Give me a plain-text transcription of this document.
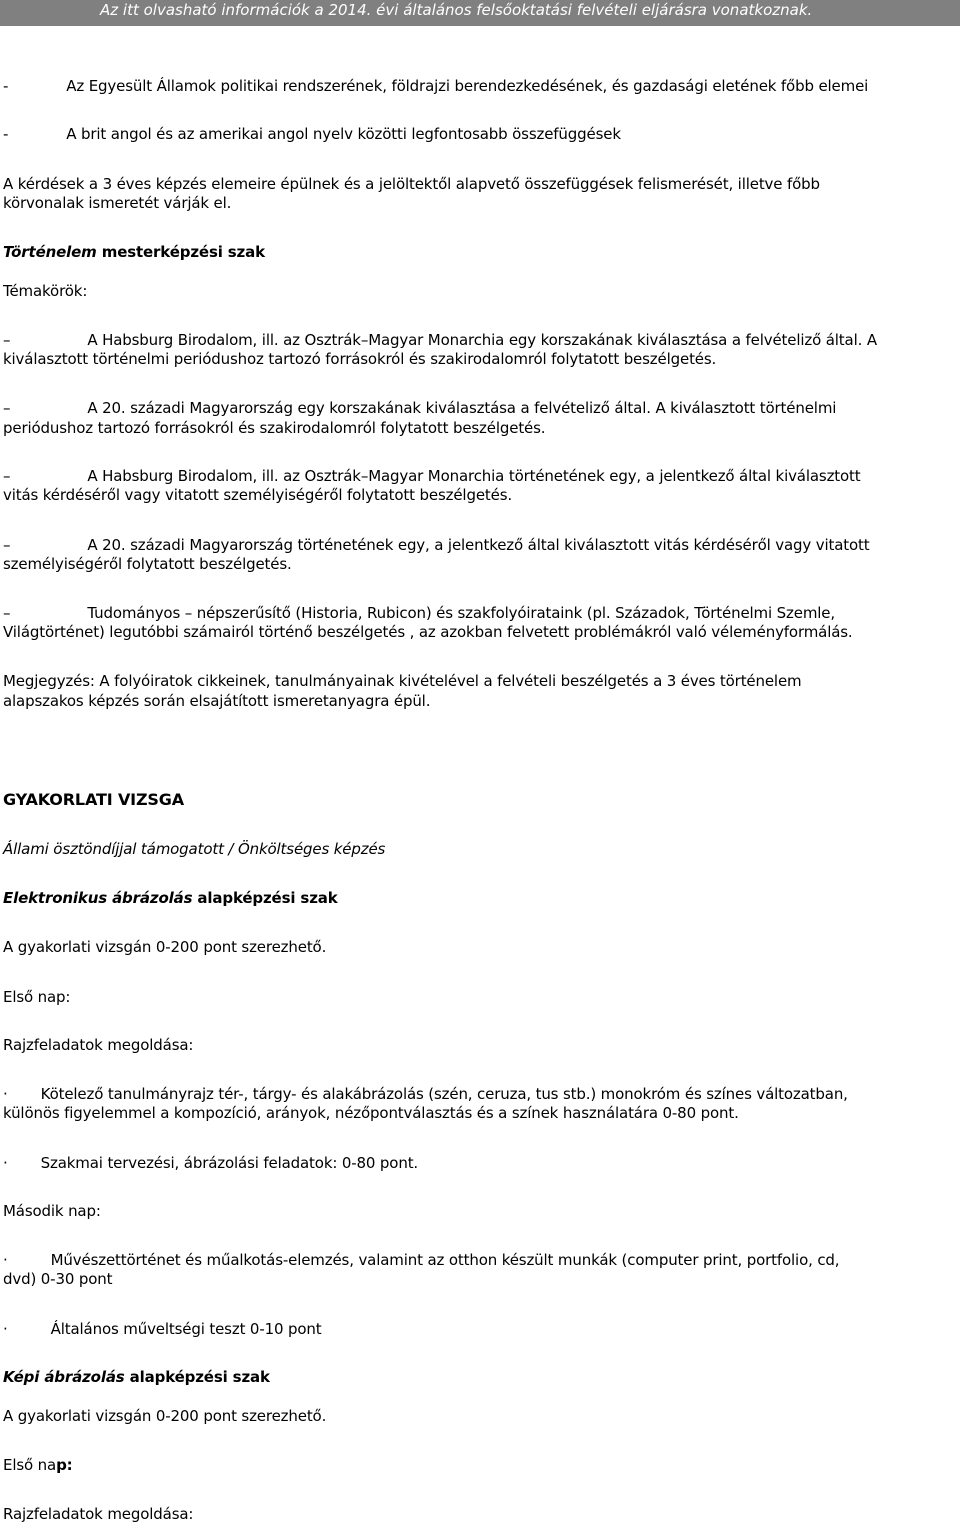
Az itt olvasható információk a 2014. évi általános felsőoktatási felvételi eljárásra vonatkoznak.
-	Az Egyesült Államok politikai rendszerének, földrajzi berendezkedésének, és gazdasági eletének főbb elemei
-	A brit angol és az amerikai angol nyelv közötti legfontosabb összefüggések
A kérdések a 3 éves képzés elemeire épülnek és a jelöltektől alapvető összefüggések felismerését, illetve főbb
körvonalak ismeretét várják el.
Történelem mesterképzési szak
Témakörök:
–	A Habsburg Birodalom, ill. az Osztrák–Magyar Monarchia egy korszakának kiválasztása a felvételiző által. A
kiválasztott történelmi periódushoz tartozó forrásokról és szakirodalomról folytatott beszélgetés.
–	A 20. századi Magyarország egy korszakának kiválasztása a felvételiző által. A kiválasztott történelmi
periódushoz tartozó forrásokról és szakirodalomról folytatott beszélgetés.
–	A Habsburg Birodalom, ill. az Osztrák–Magyar Monarchia történetének egy, a jelentkező által kiválasztott
vitás kérdéséről vagy vitatott személyiségéről folytatott beszélgetés.
–	A 20. századi Magyarország történetének egy, a jelentkező által kiválasztott vitás kérdéséről vagy vitatott
személyiségéről folytatott beszélgetés.
–	Tudományos – népszerűsítő (Historia, Rubicon) és szakfolyóirataink (pl. Századok, Történelmi Szemle,
Világtörténet) legutóbbi számairól történő beszélgetés , az azokban felvetett problémákról való véleményformálás.
Megjegyzés: A folyóiratok cikkeinek, tanulmányainak kivételével a felvételi beszélgetés a 3 éves történelem
alapszakos képzés során elsajátított ismeretanyagra épül.
GYAKORLATI VIZSGA
Állami ösztöndíjjal támogatott / Önköltséges képzés
Elektronikus ábrázolás alapképzési szak
A gyakorlati vizsgán 0-200 pont szerezhető.
Első nap:
Rajzfeladatok megoldása:
· Kötelező tanulmányrajz tér-, tárgy- és alakábrázolás (szén, ceruza, tus stb.) monokróm és színes változatban,
különös figyelemmel a kompozíció, arányok, nézőpontválasztás és a színek használatára 0-80 pont.
· Szakmai tervezési, ábrázolási feladatok: 0-80 pont.
Második nap:
·	Művészettörténet és műalkotás-elemzés, valamint az otthon készült munkák (computer print, portfolio, cd,
dvd) 0-30 pont
·	Általános műveltségi teszt 0-10 pont
Képi ábrázolás alapképzési szak
A gyakorlati vizsgán 0-200 pont szerezhető.
Első nap:
Rajzfeladatok megoldása:
